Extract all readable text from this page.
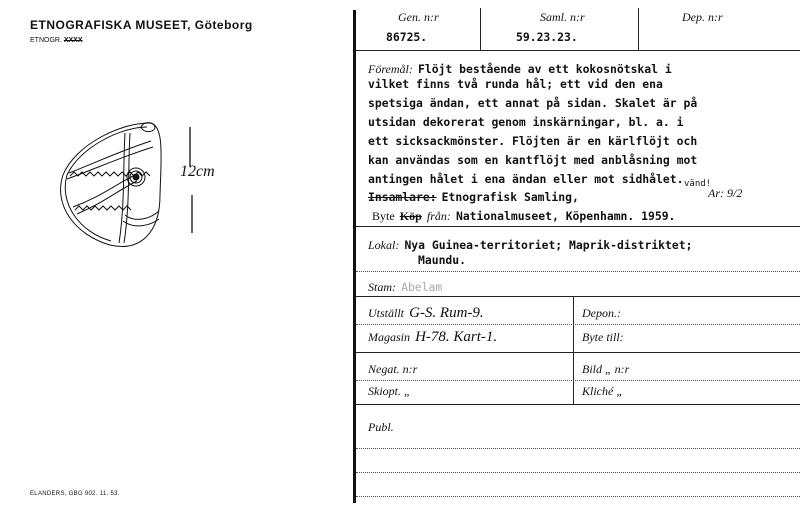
ETNOGRAFISKA MUSEET, Göteborg
ETNOGR. XXXX
12cm
ELANDERS, GBG 902. 11. 53.
Gen. n:r
86725.
Saml. n:r
59.23.23.
Dep. n:r
Föremål: Flöjt bestående av ett kokosnötskal i
vilket finns två runda hål; ett vid den ena
spetsiga ändan, ett annat på sidan. Skalet är på
utsidan dekorerat genom inskärningar, bl. a. i
ett sicksackmönster. Flöjten är en kärlflöjt och
kan användas som en kantflöjt med anblåsning mot
antingen hålet i ena ändan eller mot sidhålet. vänd!
Insamlare: Etnografisk Samling,	Ar: 9/2
Byte Köp från: Nationalmuseet, Köpenhamn. 1959.
Lokal: Nya Guinea-territoriet; Maprik-distriktet;
Maundu.
Stam: Abelam
Utställt G-S. Rum-9.	Depon.:
Magasin H-78. Kart-1.	Byte till:
Negat. n:r	Bild „ n:r
Skiopt. „	Kliché „
Publ.
